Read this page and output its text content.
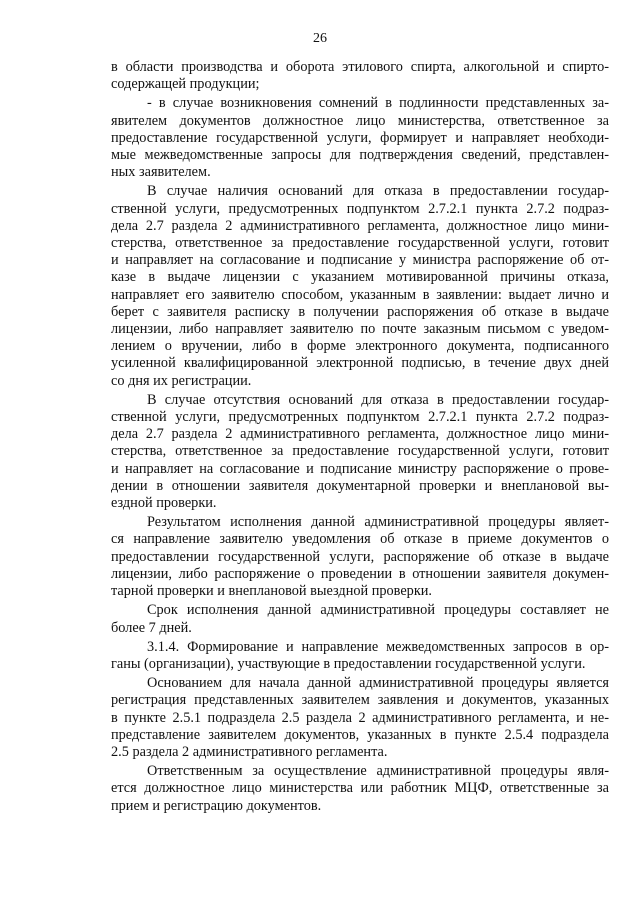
26
в области производства и оборота этилового спирта, алкогольной и спирто-
содержащей продукции;
- в случае возникновения сомнений в подлинности представленных за-
явителем документов должностное лицо министерства, ответственное за
предоставление государственной услуги, формирует и направляет необходи-
мые межведомственные запросы для подтверждения сведений, представлен-
ных заявителем.
В случае наличия оснований для отказа в предоставлении государ-
ственной услуги, предусмотренных подпунктом 2.7.2.1 пункта 2.7.2 подраз-
дела 2.7 раздела 2 административного регламента, должностное лицо мини-
стерства, ответственное за предоставление государственной услуги, готовит
и направляет на согласование и подписание у министра распоряжение об от-
казе в выдаче лицензии с указанием мотивированной причины отказа,
направляет его заявителю способом, указанным в заявлении: выдает лично и
берет с заявителя расписку в получении распоряжения об отказе в выдаче
лицензии, либо направляет заявителю по почте заказным письмом с уведом-
лением о вручении, либо в форме электронного документа, подписанного
усиленной квалифицированной электронной подписью, в течение двух дней
со дня их регистрации.
В случае отсутствия оснований для отказа в предоставлении государ-
ственной услуги, предусмотренных подпунктом 2.7.2.1 пункта 2.7.2 подраз-
дела 2.7 раздела 2 административного регламента, должностное лицо мини-
стерства, ответственное за предоставление государственной услуги, готовит
и направляет на согласование и подписание министру распоряжение о прове-
дении в отношении заявителя документарной проверки и внеплановой вы-
ездной проверки.
Результатом исполнения данной административной процедуры являет-
ся направление заявителю уведомления об отказе в приеме документов о
предоставлении государственной услуги, распоряжение об отказе в выдаче
лицензии, либо распоряжение о проведении в отношении заявителя докумен-
тарной проверки и внеплановой выездной проверки.
Срок исполнения данной административной процедуры составляет не
более 7 дней.
3.1.4. Формирование и направление межведомственных запросов в ор-
ганы (организации), участвующие в предоставлении государственной услуги.
Основанием для начала данной административной процедуры является
регистрация представленных заявителем заявления и документов, указанных
в пункте 2.5.1 подраздела 2.5 раздела 2 административного регламента, и не-
представление заявителем документов, указанных в пункте 2.5.4 подраздела
2.5 раздела 2 административного регламента.
Ответственным за осуществление административной процедуры явля-
ется должностное лицо министерства или работник МЦФ, ответственные за
прием и регистрацию документов.
